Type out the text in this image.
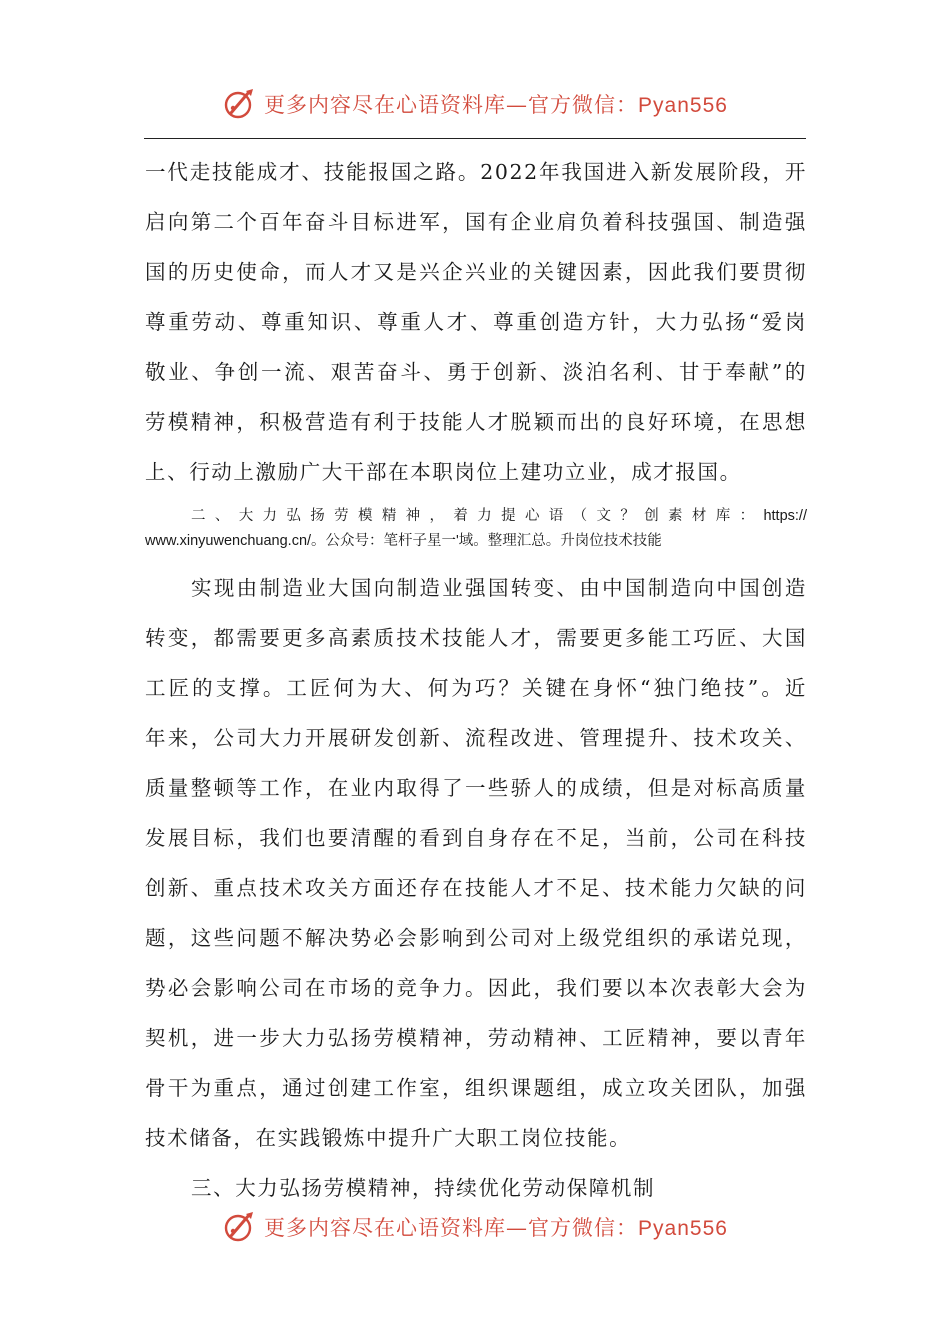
更多内容尽在心语资料库—官方微信：Pyan556
一代走技能成才、技能报国之路。2022年我国进入新发展阶段，开
启向第二个百年奋斗目标进军，国有企业肩负着科技强国、制造强
国的历史使命，而人才又是兴企兴业的关键因素，因此我们要贯彻
尊重劳动、尊重知识、尊重人才、尊重创造方针，大力弘扬“爱岗
敬业、争创一流、艰苦奋斗、勇于创新、淡泊名利、甘于奉献”的
劳模精神，积极营造有利于技能人才脱颖而出的良好环境，在思想
上、行动上激励广大干部在本职岗位上建功立业，成才报国。
二、大力弘扬劳模精神，着力提心语（文？创素材库：https://
www.xinyuwenchuang.cn/。公众号：笔杆子星一'域。整理汇总。升岗位技术技能
实现由制造业大国向制造业强国转变、由中国制造向中国创造
转变，都需要更多高素质技术技能人才，需要更多能工巧匠、大国
工匠的支撑。工匠何为大、何为巧？关键在身怀“独门绝技”。近
年来，公司大力开展研发创新、流程改进、管理提升、技术攻关、
质量整顿等工作，在业内取得了一些骄人的成绩，但是对标高质量
发展目标，我们也要清醒的看到自身存在不足，当前，公司在科技
创新、重点技术攻关方面还存在技能人才不足、技术能力欠缺的问
题，这些问题不解决势必会影响到公司对上级党组织的承诺兑现，
势必会影响公司在市场的竞争力。因此，我们要以本次表彰大会为
契机，进一步大力弘扬劳模精神，劳动精神、工匠精神，要以青年
骨干为重点，通过创建工作室，组织课题组，成立攻关团队，加强
技术储备，在实践锻炼中提升广大职工岗位技能。
三、大力弘扬劳模精神，持续优化劳动保障机制
更多内容尽在心语资料库—官方微信：Pyan556
